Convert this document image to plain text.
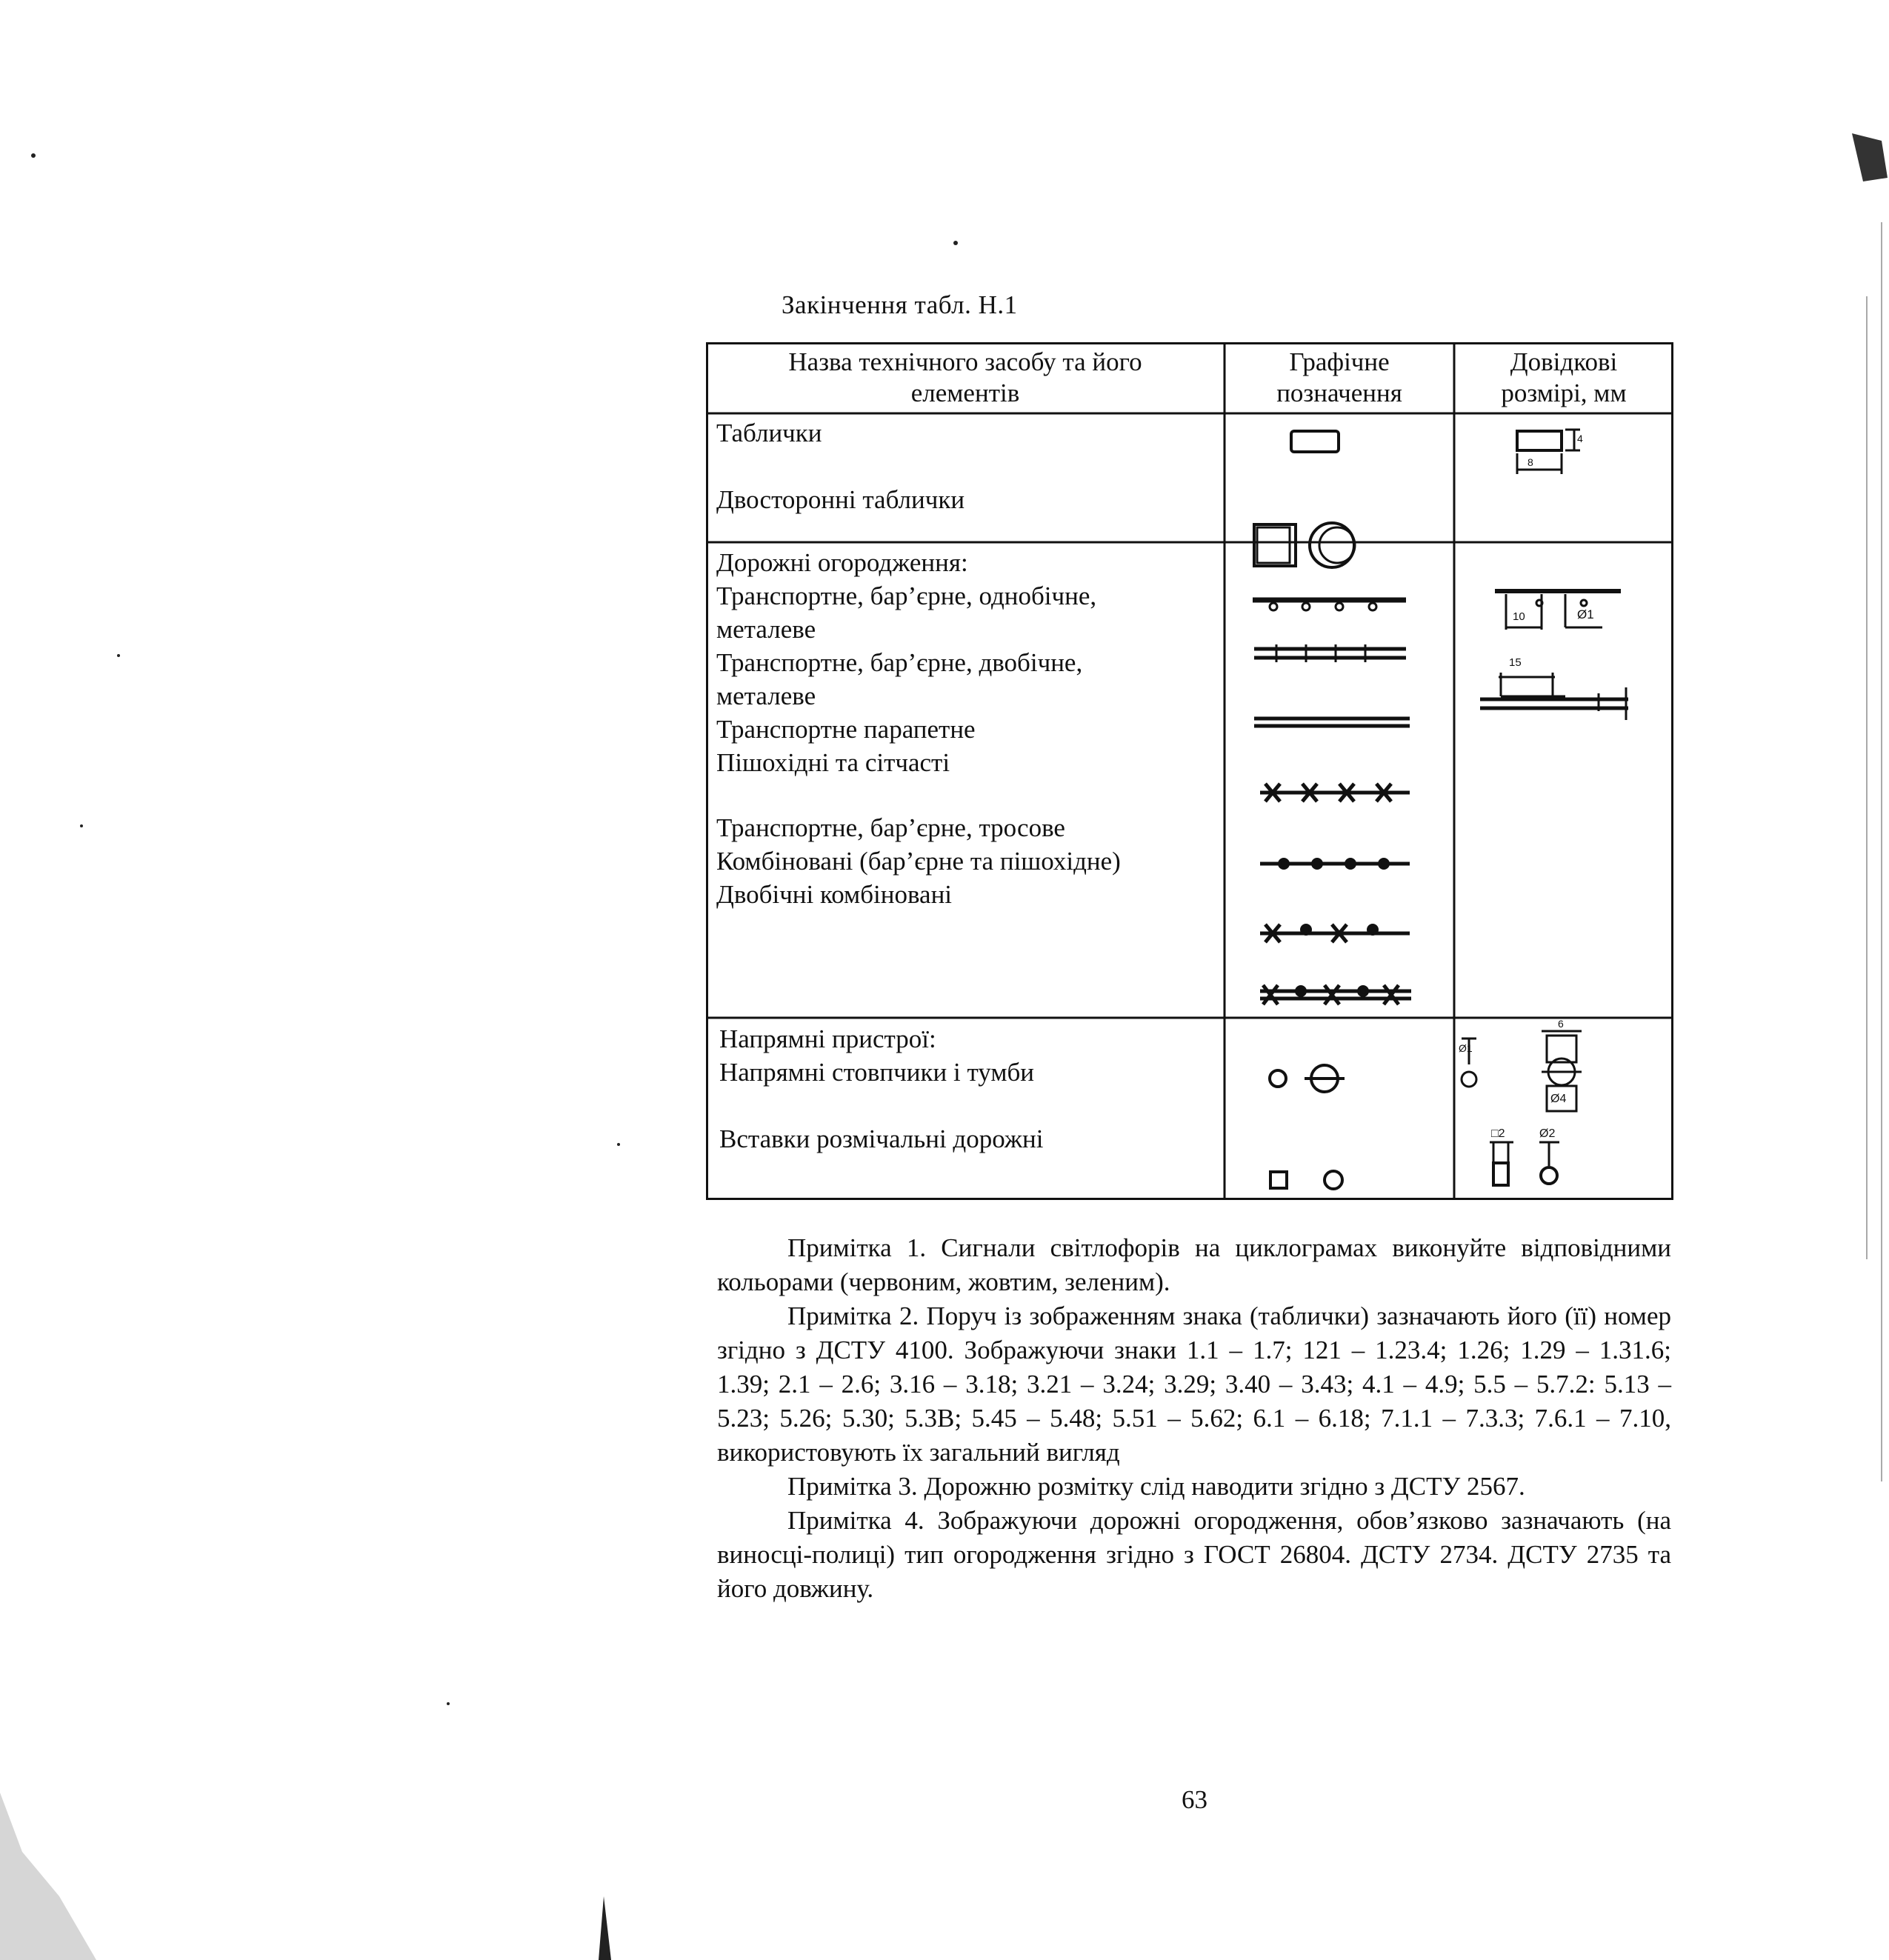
Закінчення табл. Н.1
Назва технічного засобу та його
елементів
Графічне
позначення
Довідкові
розмірі, мм
Таблички
Двосторонні таблички
Дорожні огородження:
Транспортне, бар’єрне, однобічне,
металеве
Транспортне, бар’єрне, двобічне,
металеве
Транспортне парапетне
Пішохідні та сітчасті
Транспортне, бар’єрне, тросове
Комбіновані (бар’єрне та пішохідне)
Двобічні комбіновані
Напрямні пристрої:
Напрямні стовпчики і тумби
Вставки розмічальні дорожні
4
8
10	Ø1
15
Ø1
6
Ø4
□2	Ø2

Примітка 1. Сигнали світлофорів на циклограмах виконуйте відповідними кольорами (червоним, жовтим, зеленим).

Примітка 2. Поруч із зображенням знака (таблички) зазначають його (її) номер згідно з ДСТУ 4100. Зображуючи знаки 1.1 – 1.7; 121 – 1.23.4; 1.26; 1.29 – 1.31.6; 1.39; 2.1 – 2.6; 3.16 – 3.18; 3.21 – 3.24; 3.29; 3.40 – 3.43; 4.1 – 4.9; 5.5 – 5.7.2: 5.13 – 5.23; 5.26; 5.30; 5.3В; 5.45 – 5.48; 5.51 – 5.62; 6.1 – 6.18; 7.1.1 – 7.3.3; 7.6.1 – 7.10, використовують їх загальний вигляд

Примітка 3. Дорожню розмітку слід наводити згідно з ДСТУ 2567.

Примітка 4. Зображуючи дорожні огородження, обов’язково зазначають (на виносці-полиці) тип огородження згідно з ГОСТ 26804. ДСТУ 2734. ДСТУ 2735 та його довжину.

63
